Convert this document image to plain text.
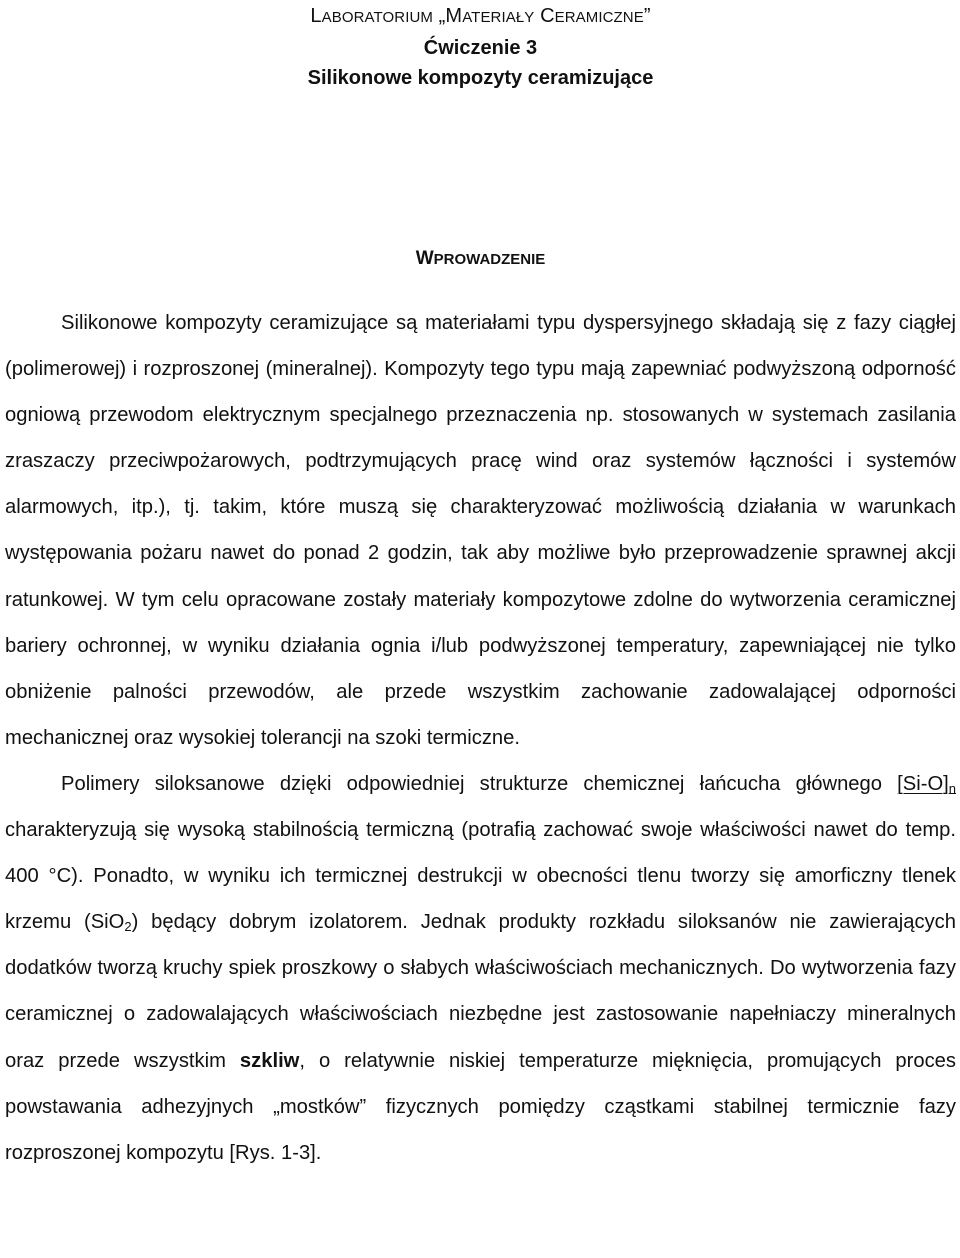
LABORATORIUM „MATERIAŁY CERAMICZNE”
Ćwiczenie 3
Silikonowe kompozyty ceramizujące
WPROWADZENIE

Silikonowe kompozyty ceramizujące są materiałami typu dyspersyjnego składają się z fazy ciągłej (polimerowej) i rozproszonej (mineralnej). Kompozyty tego typu mają zapewniać podwyższoną odporność ogniową przewodom elektrycznym specjalnego przeznaczenia np. stosowanych w systemach zasilania zraszaczy przeciwpożarowych, podtrzymujących pracę wind oraz systemów łączności i systemów alarmowych, itp.), tj. takim, które muszą się charakteryzować możliwością działania w warunkach występowania pożaru nawet do ponad 2 godzin, tak aby możliwe było przeprowadzenie sprawnej akcji ratunkowej. W tym celu opracowane zostały materiały kompozytowe zdolne do wytworzenia ceramicznej bariery ochronnej, w wyniku działania ognia i/lub podwyższonej temperatury, zapewniającej nie tylko obniżenie palności przewodów, ale przede wszystkim zachowanie zadowalającej odporności mechanicznej oraz wysokiej tolerancji na szoki termiczne.

Polimery siloksanowe dzięki odpowiedniej strukturze chemicznej łańcucha głównego $[Si-O]_n$ charakteryzują się wysoką stabilnością termiczną (potrafią zachować swoje właściwości nawet do temp. 400 °C). Ponadto, w wyniku ich termicznej destrukcji w obecności tlenu tworzy się amorficzny tlenek krzemu (SiO$_2$) będący dobrym izolatorem. Jednak produkty rozkładu siloksanów nie zawierających dodatków tworzą kruchy spiek proszkowy o słabych właściwościach mechanicznych. Do wytworzenia fazy ceramicznej o zadowalających właściwościach niezbędne jest zastosowanie napełniaczy mineralnych oraz przede wszystkim szkliw, o relatywnie niskiej temperaturze mięknięcia, promujących proces powstawania adhezyjnych „mostków” fizycznych pomiędzy cząstkami stabilnej termicznie fazy rozproszonej kompozytu [Rys. 1-3].
